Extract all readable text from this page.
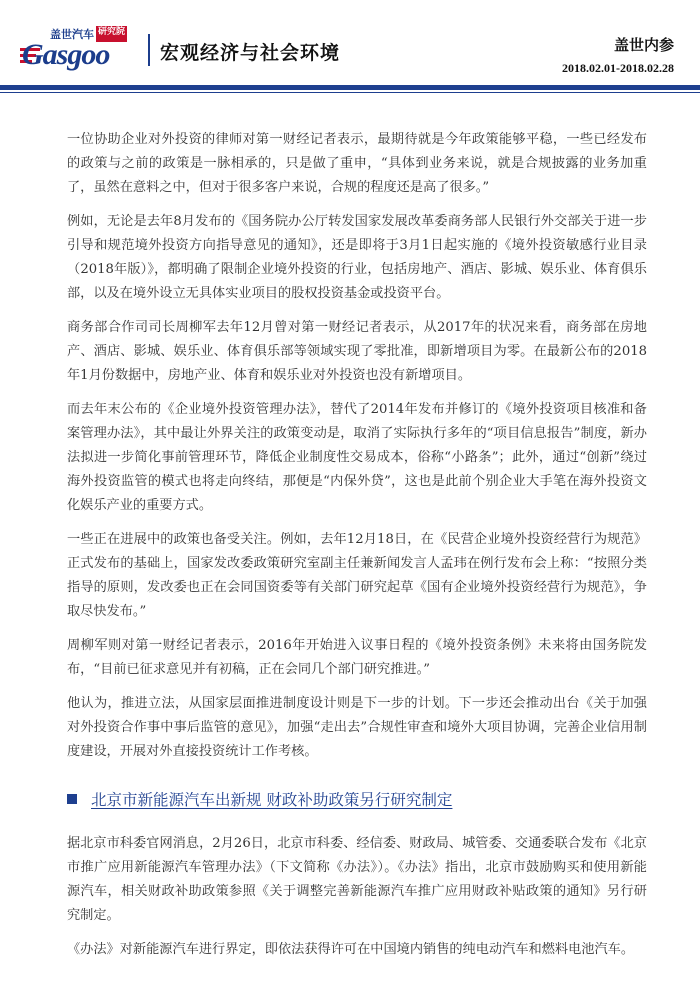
盖世汽车 研究院
Gasgoo	宏观经济与社会环境	盖世内参
2018.02.01-2018.02.28

一位协助企业对外投资的律师对第一财经记者表示，最期待就是今年政策能够平稳，一些已经发布的政策与之前的政策是一脉相承的，只是做了重申，“具体到业务来说，就是合规披露的业务加重了，虽然在意料之中，但对于很多客户来说，合规的程度还是高了很多。”

例如，无论是去年8月发布的《国务院办公厅转发国家发展改革委商务部人民银行外交部关于进一步引导和规范境外投资方向指导意见的通知》，还是即将于3月1日起实施的《境外投资敏感行业目录（2018年版）》，都明确了限制企业境外投资的行业，包括房地产、酒店、影城、娱乐业、体育俱乐部，以及在境外设立无具体实业项目的股权投资基金或投资平台。

商务部合作司司长周柳军去年12月曾对第一财经记者表示，从2017年的状况来看，商务部在房地产、酒店、影城、娱乐业、体育俱乐部等领域实现了零批准，即新增项目为零。在最新公布的2018年1月份数据中，房地产业、体育和娱乐业对外投资也没有新增项目。

而去年末公布的《企业境外投资管理办法》，替代了2014年发布并修订的《境外投资项目核准和备案管理办法》，其中最让外界关注的政策变动是，取消了实际执行多年的“项目信息报告”制度，新办法拟进一步简化事前管理环节，降低企业制度性交易成本，俗称“小路条”；此外，通过“创新”绕过海外投资监管的模式也将走向终结，那便是“内保外贷”，这也是此前个别企业大手笔在海外投资文化娱乐产业的重要方式。

一些正在进展中的政策也备受关注。例如，去年12月18日，在《民营企业境外投资经营行为规范》正式发布的基础上，国家发改委政策研究室副主任兼新闻发言人孟玮在例行发布会上称：“按照分类指导的原则，发改委也正在会同国资委等有关部门研究起草《国有企业境外投资经营行为规范》，争取尽快发布。”

周柳军则对第一财经记者表示，2016年开始进入议事日程的《境外投资条例》未来将由国务院发布，“目前已征求意见并有初稿，正在会同几个部门研究推进。”

他认为，推进立法，从国家层面推进制度设计则是下一步的计划。下一步还会推动出台《关于加强对外投资合作事中事后监管的意见》，加强“走出去”合规性审查和境外大项目协调，完善企业信用制度建设，开展对外直接投资统计工作考核。

北京市新能源汽车出新规 财政补助政策另行研究制定

据北京市科委官网消息，2月26日，北京市科委、经信委、财政局、城管委、交通委联合发布《北京市推广应用新能源汽车管理办法》（下文简称《办法》）。《办法》指出，北京市鼓励购买和使用新能源汽车，相关财政补助政策参照《关于调整完善新能源汽车推广应用财政补贴政策的通知》另行研究制定。

《办法》对新能源汽车进行界定，即依法获得许可在中国境内销售的纯电动汽车和燃料电池汽车。
